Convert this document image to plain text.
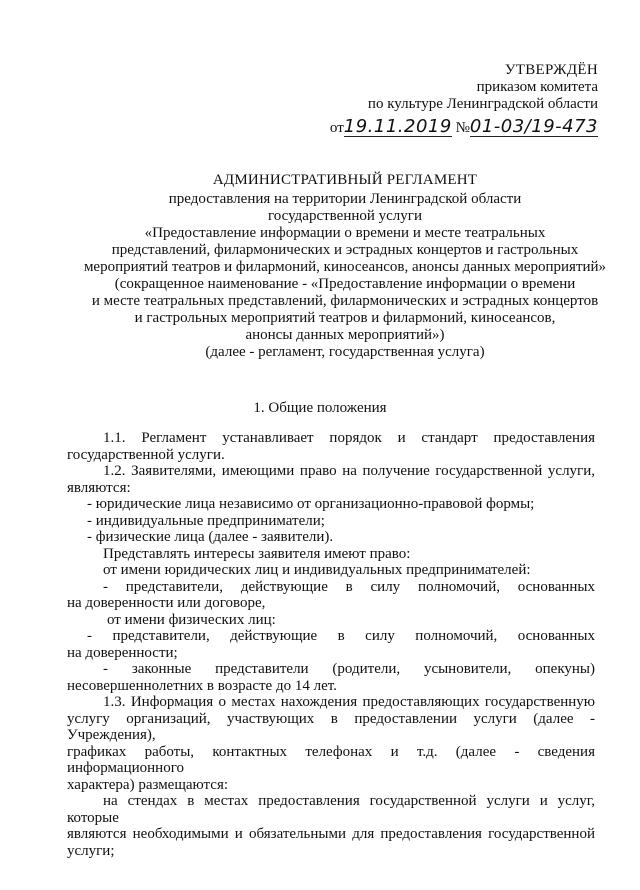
УТВЕРЖДЁН
приказом комитета
по культуре Ленинградской области
от19.11.2019 №01-03/19-473
АДМИНИСТРАТИВНЫЙ РЕГЛАМЕНТ
предоставления на территории Ленинградской области
государственной услуги
«Предоставление информации о времени и месте театральных
представлений, филармонических и эстрадных концертов и гастрольных
мероприятий театров и филармоний, киносеансов, анонсы данных мероприятий»
(сокращенное наименование - «Предоставление информации о времени
и месте театральных представлений, филармонических и эстрадных концертов
и гастрольных мероприятий театров и филармоний, киносеансов,
анонсы данных мероприятий»)
(далее - регламент, государственная услуга)
1. Общие положения

1.1. Регламент устанавливает порядок и стандарт предоставления

государственной услуги.

1.2. Заявителями, имеющими право на получение государственной услуги,

являются:

- юридические лица независимо от организационно-правовой формы;

- индивидуальные предприниматели;

- физические лица (далее - заявители).

Представлять интересы заявителя имеют право:

от имени юридических лиц и индивидуальных предпринимателей:

- представители, действующие в силу полномочий, основанных

на доверенности или договоре,

от имени физических лиц:

- представители, действующие в силу полномочий, основанных

на доверенности;

- законные представители (родители, усыновители, опекуны)

несовершеннолетних в возрасте до 14 лет.

1.3. Информация о местах нахождения предоставляющих государственную

услугу организаций, участвующих в предоставлении услуги (далее - Учреждения),

графиках работы, контактных телефонах и т.д. (далее - сведения информационного

характера) размещаются:

на стендах в местах предоставления государственной услуги и услуг, которые

являются необходимыми и обязательными для предоставления государственной

услуги;
